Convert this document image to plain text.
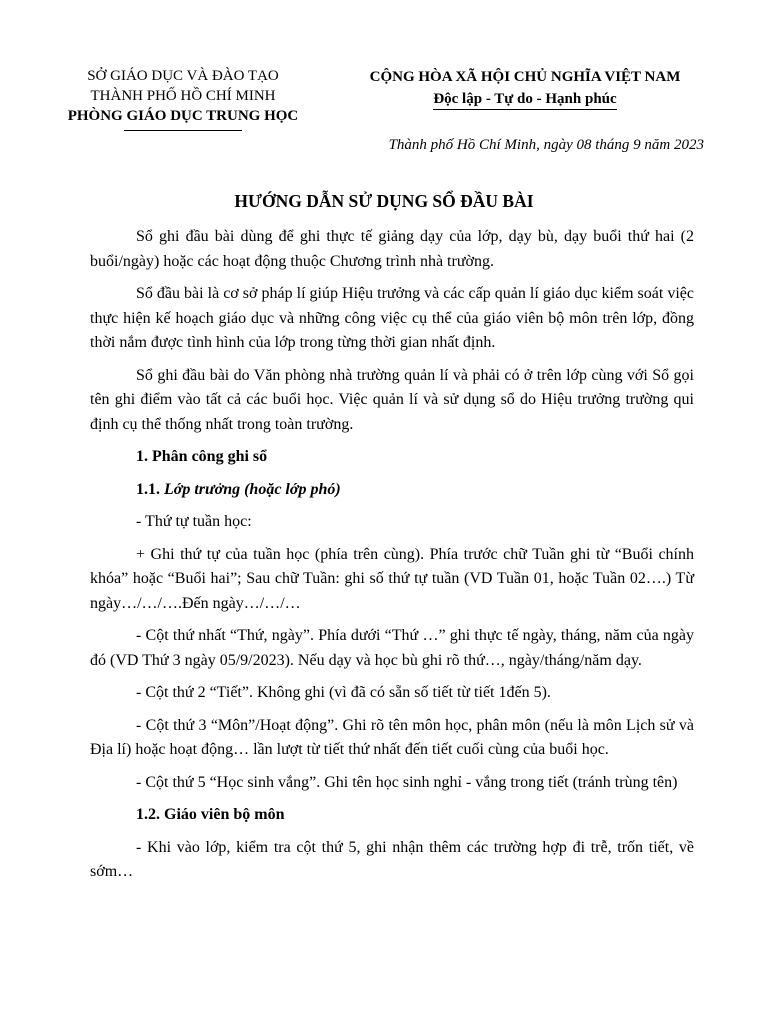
SỞ GIÁO DỤC VÀ ĐÀO TẠO
THÀNH PHỐ HỒ CHÍ MINH
PHÒNG GIÁO DỤC TRUNG HỌC
CỘNG HÒA XÃ HỘI CHỦ NGHĨA VIỆT NAM
Độc lập - Tự do - Hạnh phúc
Thành phố Hồ Chí Minh, ngày 08 tháng 9 năm 2023
HƯỚNG DẪN SỬ DỤNG SỔ ĐẦU BÀI

Sổ ghi đầu bài dùng để ghi thực tế giảng dạy của lớp, dạy bù, dạy buổi thứ hai (2 buổi/ngày) hoặc các hoạt động thuộc Chương trình nhà trường.

Sổ đầu bài là cơ sở pháp lí giúp Hiệu trưởng và các cấp quản lí giáo dục kiểm soát việc thực hiện kế hoạch giáo dục và những công việc cụ thể của giáo viên bộ môn trên lớp, đồng thời nắm được tình hình của lớp trong từng thời gian nhất định.

Sổ ghi đầu bài do Văn phòng nhà trường quản lí và phải có ở trên lớp cùng với Sổ gọi tên ghi điểm vào tất cả các buổi học. Việc quản lí và sử dụng sổ do Hiệu trưởng trường qui định cụ thể thống nhất trong toàn trường.

1. Phân công ghi sổ

1.1. Lớp trưởng (hoặc lớp phó)

- Thứ tự tuần học:

+ Ghi thứ tự của tuần học (phía trên cùng). Phía trước chữ Tuần ghi từ “Buổi chính khóa” hoặc “Buổi hai”; Sau chữ Tuần: ghi số thứ tự tuần (VD Tuần 01, hoặc Tuần 02….) Từ ngày…/…/….Đến ngày…/…/…

- Cột thứ nhất “Thứ, ngày”. Phía dưới “Thứ …” ghi thực tế ngày, tháng, năm của ngày đó (VD Thứ 3 ngày 05/9/2023). Nếu dạy và học bù ghi rõ thứ…, ngày/tháng/năm dạy.

- Cột thứ 2 “Tiết”. Không ghi (vì đã có sẵn số tiết từ tiết 1đến 5).

- Cột thứ 3 “Môn”/Hoạt động”. Ghi rõ tên môn học, phân môn (nếu là môn Lịch sử và Địa lí) hoặc hoạt động… lần lượt từ tiết thứ nhất đến tiết cuối cùng của buổi học.

- Cột thứ 5 “Học sinh vắng”. Ghi tên học sinh nghỉ - vắng trong tiết (tránh trùng tên)

1.2. Giáo viên bộ môn

- Khi vào lớp, kiểm tra cột thứ 5, ghi nhận thêm các trường hợp đi trễ, trốn tiết, về sớm…
